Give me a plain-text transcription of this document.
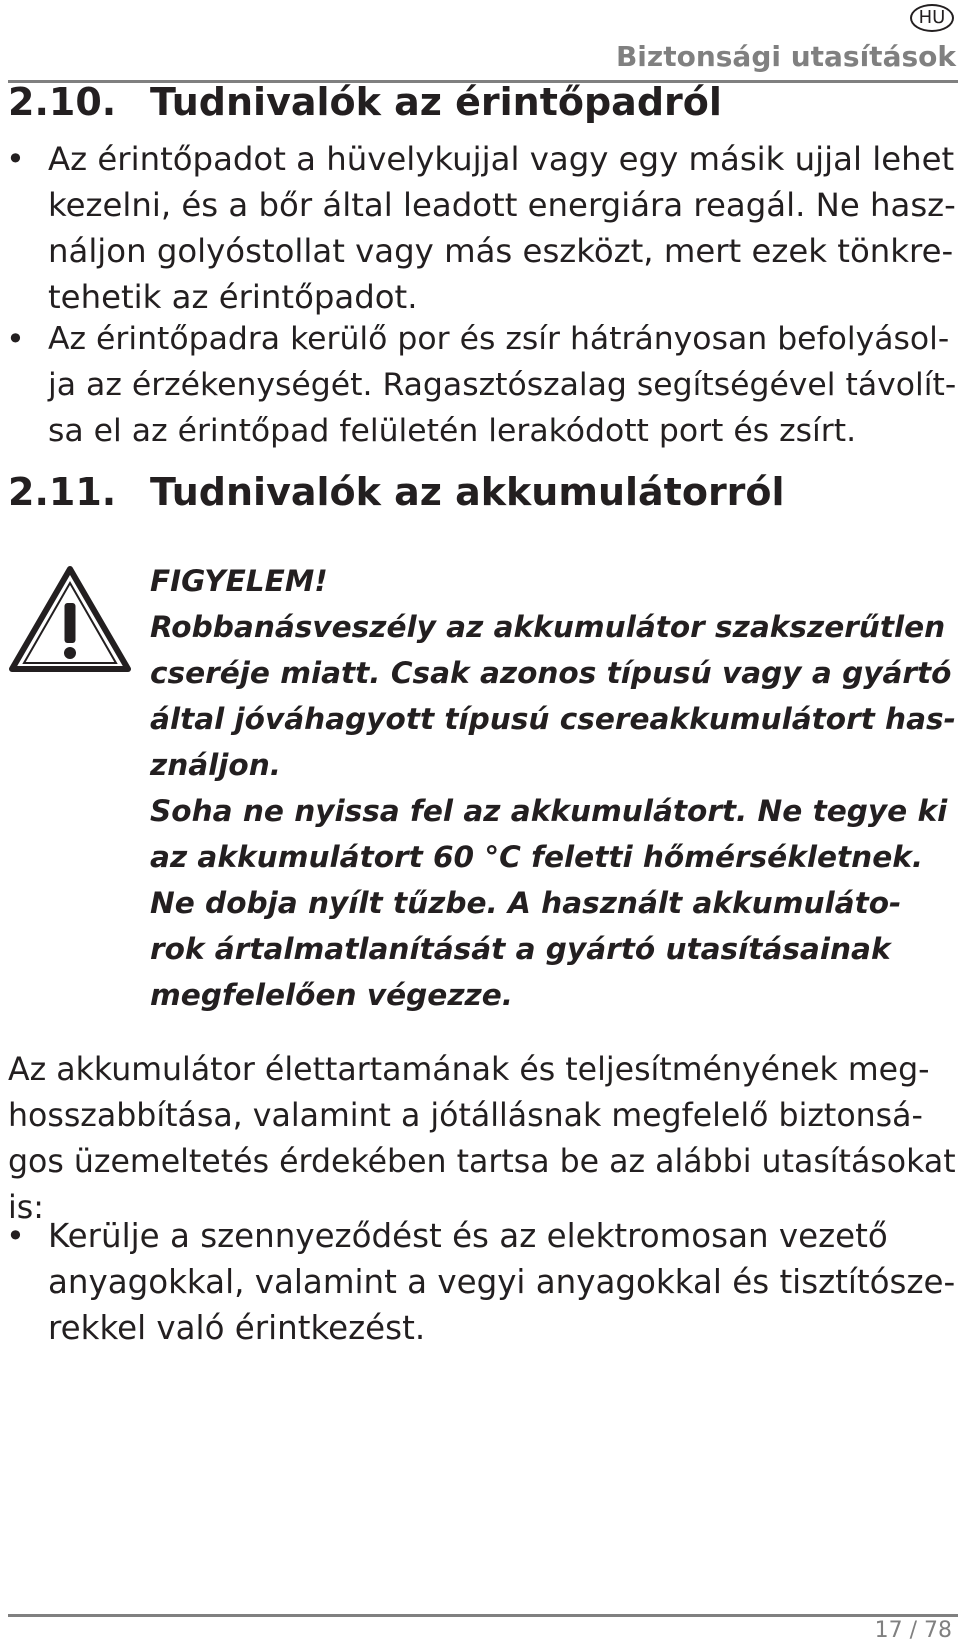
HU
Biztonsági utasítások
2.10. Tudnivalók az érintőpadról
• Az érintőpadot a hüvelykujjal vagy egy másik ujjal lehet
kezelni, és a bőr által leadott energiára reagál. Ne hasz-
náljon golyóstollat vagy más eszközt, mert ezek tönkre-
tehetik az érintőpadot.
• Az érintőpadra kerülő por és zsír hátrányosan befolyásol-
ja az érzékenységét. Ragasztószalag segítségével távolít-
sa el az érintőpad felületén lerakódott port és zsírt.
2.11. Tudnivalók az akkumulátorról
FIGYELEM!
Robbanásveszély az akkumulátor szakszerűtlen
cseréje miatt. Csak azonos típusú vagy a gyártó
által jóváhagyott típusú csereakkumulátort has-
ználjon.
Soha ne nyissa fel az akkumulátort. Ne tegye ki
az akkumulátort 60 °C feletti hőmérsékletnek.
Ne dobja nyílt tűzbe. A használt akkumuláto-
rok ártalmatlanítását a gyártó utasításainak
megfelelően végezze.
Az akkumulátor élettartamának és teljesítményének meg-
hosszabbítása, valamint a jótállásnak megfelelő biztonsá-
gos üzemeltetés érdekében tartsa be az alábbi utasításokat
is:
• Kerülje a szennyeződést és az elektromosan vezető
anyagokkal, valamint a vegyi anyagokkal és tisztítósze-
rekkel való érintkezést.
17 / 78
